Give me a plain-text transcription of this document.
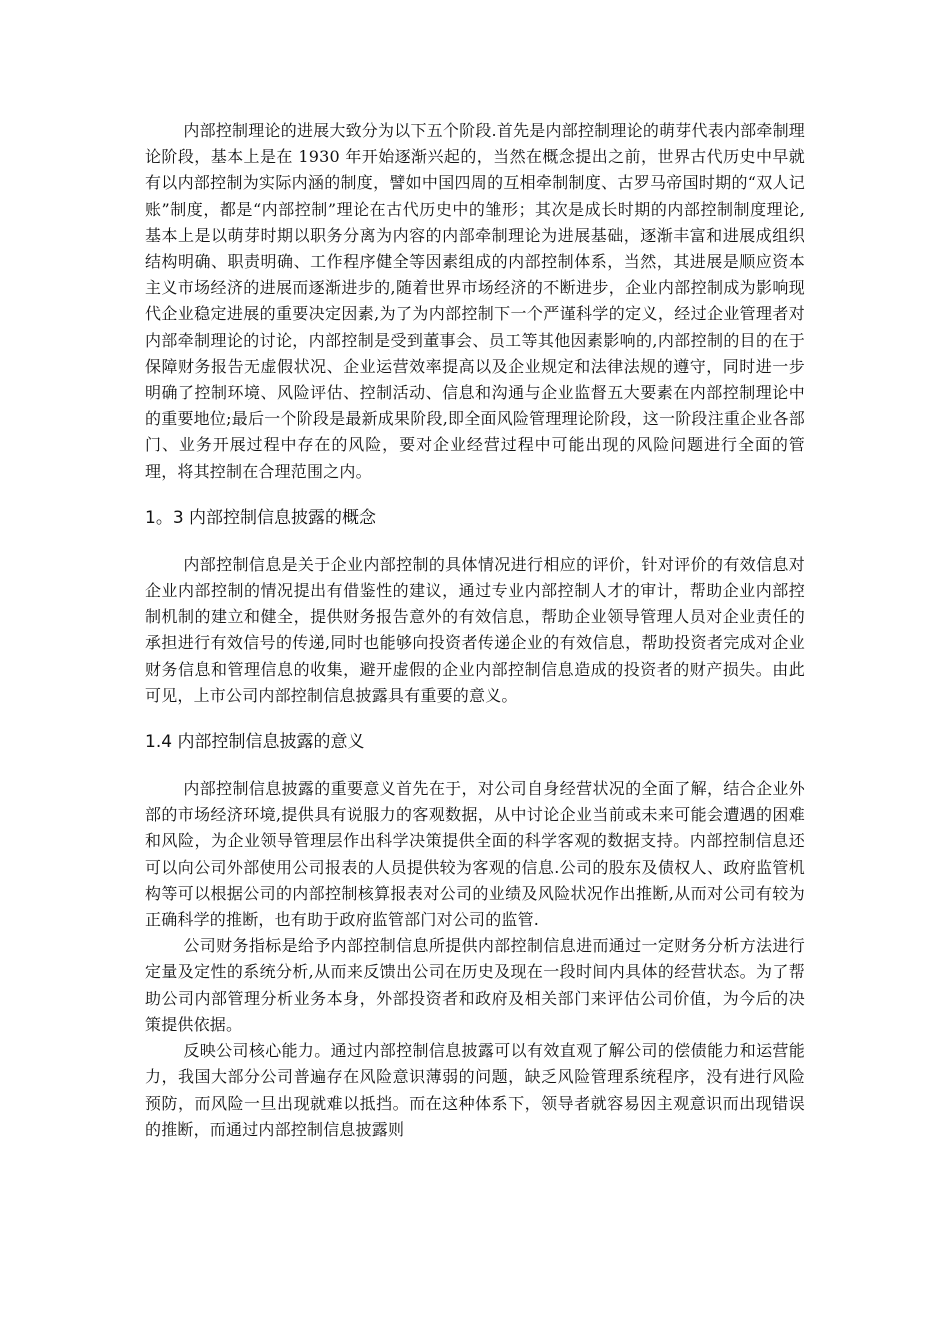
内部控制理论的进展大致分为以下五个阶段.首先是内部控制理论的萌芽代表内部牵制理论阶段，基本上是在 1930 年开始逐渐兴起的，当然在概念提出之前，世界古代历史中早就有以内部控制为实际内涵的制度，譬如中国四周的互相牵制制度、古罗马帝国时期的“双人记账”制度，都是“内部控制”理论在古代历史中的雏形；其次是成长时期的内部控制制度理论,基本上是以萌芽时期以职务分离为内容的内部牵制理论为进展基础，逐渐丰富和进展成组织结构明确、职责明确、工作程序健全等因素组成的内部控制体系，当然，其进展是顺应资本主义市场经济的进展而逐渐进步的,随着世界市场经济的不断进步，企业内部控制成为影响现代企业稳定进展的重要决定因素,为了为内部控制下一个严谨科学的定义，经过企业管理者对内部牵制理论的讨论，内部控制是受到董事会、员工等其他因素影响的,内部控制的目的在于保障财务报告无虚假状况、企业运营效率提高以及企业规定和法律法规的遵守，同时进一步明确了控制环境、风险评估、控制活动、信息和沟通与企业监督五大要素在内部控制理论中的重要地位;最后一个阶段是最新成果阶段,即全面风险管理理论阶段，这一阶段注重企业各部门、业务开展过程中存在的风险，要对企业经营过程中可能出现的风险问题进行全面的管理，将其控制在合理范围之内。

1。3 内部控制信息披露的概念

内部控制信息是关于企业内部控制的具体情况进行相应的评价，针对评价的有效信息对企业内部控制的情况提出有借鉴性的建议，通过专业内部控制人才的审计，帮助企业内部控制机制的建立和健全，提供财务报告意外的有效信息，帮助企业领导管理人员对企业责任的承担进行有效信号的传递,同时也能够向投资者传递企业的有效信息，帮助投资者完成对企业财务信息和管理信息的收集，避开虚假的企业内部控制信息造成的投资者的财产损失。由此可见，上市公司内部控制信息披露具有重要的意义。

1.4 内部控制信息披露的意义

内部控制信息披露的重要意义首先在于，对公司自身经营状况的全面了解，结合企业外部的市场经济环境,提供具有说服力的客观数据，从中讨论企业当前或未来可能会遭遇的困难和风险，为企业领导管理层作出科学决策提供全面的科学客观的数据支持。内部控制信息还可以向公司外部使用公司报表的人员提供较为客观的信息.公司的股东及债权人、政府监管机构等可以根据公司的内部控制核算报表对公司的业绩及风险状况作出推断,从而对公司有较为正确科学的推断，也有助于政府监管部门对公司的监管.

公司财务指标是给予内部控制信息所提供内部控制信息进而通过一定财务分析方法进行定量及定性的系统分析,从而来反馈出公司在历史及现在一段时间内具体的经营状态。为了帮助公司内部管理分析业务本身，外部投资者和政府及相关部门来评估公司价值，为今后的决策提供依据。

反映公司核心能力。通过内部控制信息披露可以有效直观了解公司的偿债能力和运营能力，我国大部分公司普遍存在风险意识薄弱的问题，缺乏风险管理系统程序，没有进行风险预防，而风险一旦出现就难以抵挡。而在这种体系下，领导者就容易因主观意识而出现错误的推断，而通过内部控制信息披露则
